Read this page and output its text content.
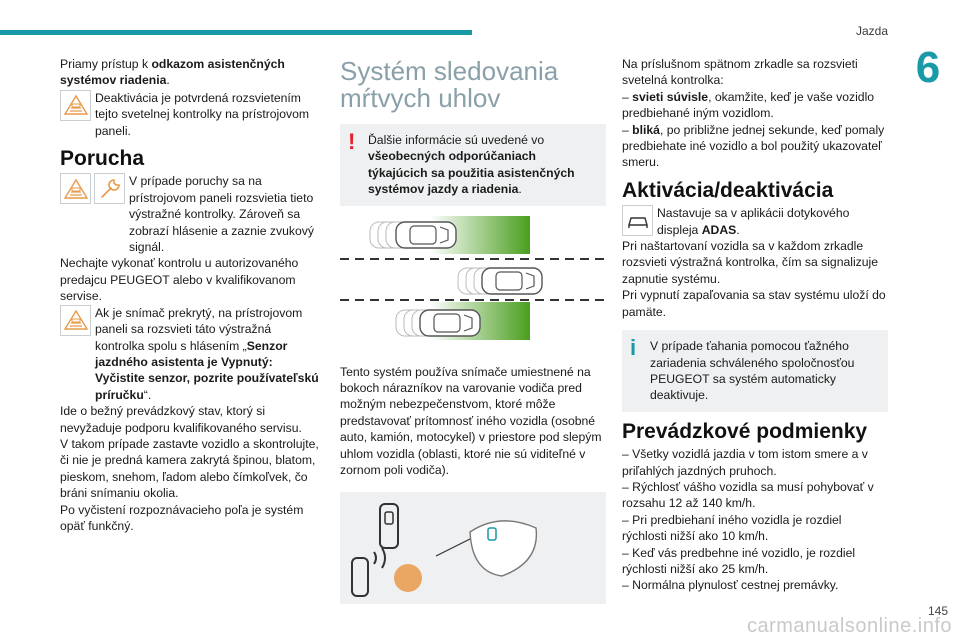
Jazda
6

Priamy prístup k odkazom asistenčných systémov riadenia.

Deaktivácia je potvrdená rozsvietením tejto svetelnej kontrolky na prístrojovom paneli.

Porucha

V prípade poruchy sa na prístrojovom paneli rozsvietia tieto výstražné kontrolky. Zároveň sa zobrazí hlásenie a zaznie zvukový signál.

Nechajte vykonať kontrolu u autorizovaného predajcu PEUGEOT alebo v kvalifikovanom servise.

Ak je snímač prekrytý, na prístrojovom paneli sa rozsvieti táto výstražná kontrolka spolu s hlásením „Senzor jazdného asistenta je Vypnutý: Vyčistite senzor, pozrite používateľskú príručku“.

Ide o bežný prevádzkový stav, ktorý si nevyžaduje podporu kvalifikovaného servisu.

V takom prípade zastavte vozidlo a skontrolujte, či nie je predná kamera zakrytá špinou, blatom, pieskom, snehom, ľadom alebo čímkoľvek, čo bráni snímaniu okolia.

Po vyčistení rozpoznávacieho poľa je systém opäť funkčný.

Systém sledovania mŕtvych uhlov
!	Ďalšie informácie sú uvedené vo všeobecných odporúčaniach týkajúcich sa použitia asistenčných systémov jazdy a riadenia.

Tento systém používa snímače umiestnené na bokoch nárazníkov na varovanie vodiča pred možným nebezpečenstvom, ktoré môže predstavovať prítomnosť iného vozidla (osobné auto, kamión, motocykel) v priestore pod slepým uhlom vozidla (oblasti, ktoré nie sú viditeľné v zornom poli vodiča).

Na príslušnom spätnom zrkadle sa rozsvieti svetelná kontrolka:

– svieti súvisle, okamžite, keď je vaše vozidlo predbiehané iným vozidlom.
– bliká, po približne jednej sekunde, keď pomaly predbiehate iné vozidlo a bol použitý ukazovateľ smeru.
Aktivácia/deaktivácia

Nastavuje sa v aplikácii dotykového displeja ADAS.

Pri naštartovaní vozidla sa v každom zrkadle rozsvieti výstražná kontrolka, čím sa signalizuje zapnutie systému.

Pri vypnutí zapaľovania sa stav systému uloží do pamäte.

i	V prípade ťahania pomocou ťažného zariadenia schváleného spoločnosťou PEUGEOT sa systém automaticky deaktivuje.
Prevádzkové podmienky
– Všetky vozidlá jazdia v tom istom smere a v priľahlých jazdných pruhoch.
– Rýchlosť vášho vozidla sa musí pohybovať v rozsahu 12 až 140 km/h.
– Pri predbiehaní iného vozidla je rozdiel rýchlosti nižší ako 10 km/h.
– Keď vás predbehne iné vozidlo, je rozdiel rýchlosti nižší ako 25 km/h.
– Normálna plynulosť cestnej premávky.
carmanualsonline.info
145
